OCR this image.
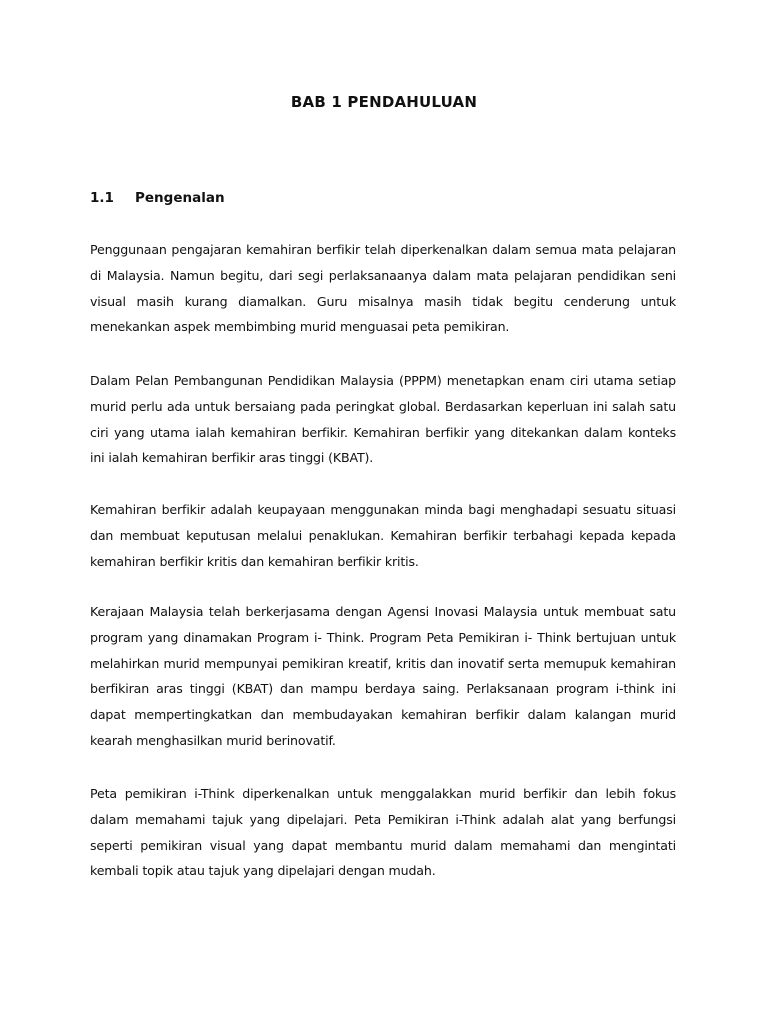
BAB 1 PENDAHULUAN
1.1 Pengenalan

Penggunaan pengajaran kemahiran berfikir telah diperkenalkan dalam semua mata pelajaran di Malaysia. Namun begitu, dari segi perlaksanaanya dalam mata pelajaran pendidikan seni visual masih kurang diamalkan. Guru misalnya masih tidak begitu cenderung untuk menekankan aspek membimbing murid menguasai peta pemikiran.

Dalam Pelan Pembangunan Pendidikan Malaysia (PPPM) menetapkan enam ciri utama setiap murid perlu ada untuk bersaiang pada peringkat global. Berdasarkan keperluan ini salah satu ciri yang utama ialah kemahiran berfikir. Kemahiran berfikir yang ditekankan dalam konteks ini ialah kemahiran berfikir aras tinggi (KBAT).

Kemahiran berfikir adalah keupayaan menggunakan minda bagi menghadapi sesuatu situasi dan membuat keputusan melalui penaklukan. Kemahiran berfikir terbahagi kepada kepada kemahiran berfikir kritis dan kemahiran berfikir kritis.

Kerajaan Malaysia telah berkerjasama dengan Agensi Inovasi Malaysia untuk membuat satu program yang dinamakan Program i- Think. Program Peta Pemikiran i- Think bertujuan untuk melahirkan murid mempunyai pemikiran kreatif, kritis dan inovatif serta memupuk kemahiran berfikiran aras tinggi (KBAT) dan mampu berdaya saing. Perlaksanaan program i-think ini dapat mempertingkatkan dan membudayakan kemahiran berfikir dalam kalangan murid kearah menghasilkan murid berinovatif.

Peta pemikiran i-Think diperkenalkan untuk menggalakkan murid berfikir dan lebih fokus dalam memahami tajuk yang dipelajari. Peta Pemikiran i-Think adalah alat yang berfungsi seperti pemikiran visual yang dapat membantu murid dalam memahami dan mengintati kembali topik atau tajuk yang dipelajari dengan mudah.
